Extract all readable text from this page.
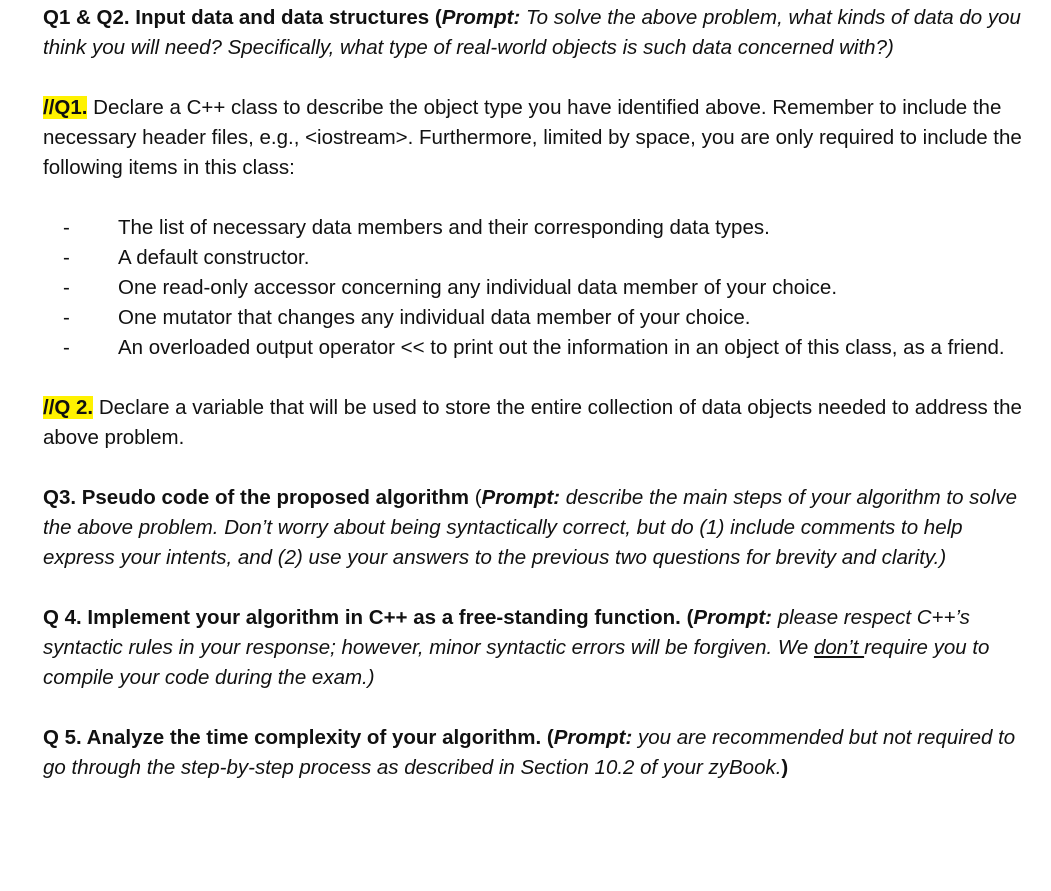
Q1 & Q2. Input data and data structures (Prompt: To solve the above problem, what kinds of data do you think you will need? Specifically, what type of real-world objects is such data concerned with?)

//Q1. Declare a C++ class to describe the object type you have identified above. Remember to include the necessary header files, e.g., <iostream>. Furthermore, limited by space, you are only required to include the following items in this class:

- The list of necessary data members and their corresponding data types.
- A default constructor.
- One read-only accessor concerning any individual data member of your choice.
- One mutator that changes any individual data member of your choice.
- An overloaded output operator << to print out the information in an object of this class, as a friend.

//Q 2. Declare a variable that will be used to store the entire collection of data objects needed to address the above problem.

Q3. Pseudo code of the proposed algorithm (Prompt: describe the main steps of your algorithm to solve the above problem. Don’t worry about being syntactically correct, but do (1) include comments to help express your intents, and (2) use your answers to the previous two questions for brevity and clarity.)

Q 4. Implement your algorithm in C++ as a free-standing function. (Prompt: please respect C++’s syntactic rules in your response; however, minor syntactic errors will be forgiven. We don’t require you to compile your code during the exam.)

Q 5. Analyze the time complexity of your algorithm. (Prompt: you are recommended but not required to go through the step-by-step process as described in Section 10.2 of your zyBook.)
